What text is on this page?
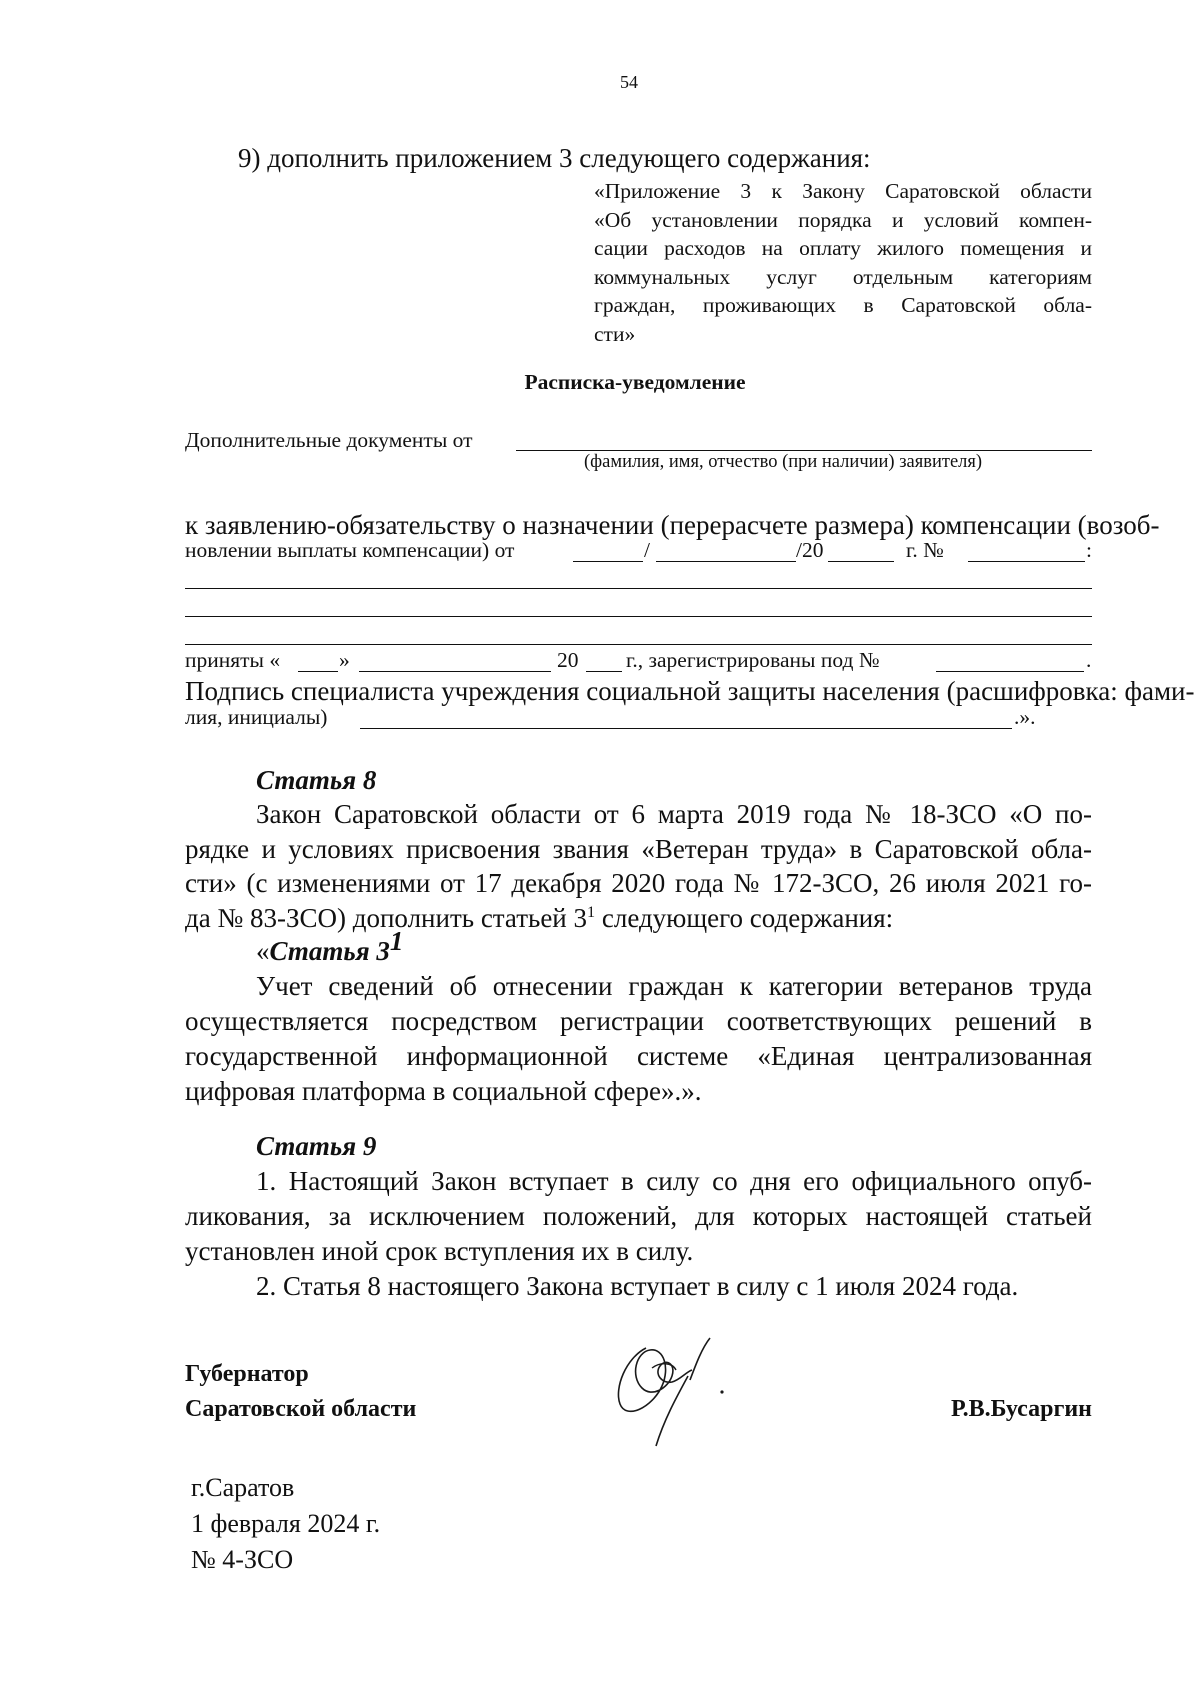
54
9) дополнить приложением 3 следующего содержания:
«Приложение 3 к Закону Саратовской области
«Об установлении порядка и условий компен-
сации расходов на оплату жилого помещения и
коммунальных услуг отдельным категориям
граждан, проживающих в Саратовской обла-
сти»
Расписка-уведомление
Дополнительные документы от
(фамилия, имя, отчество (при наличии) заявителя)
к заявлению-обязательству о назначении (перерасчете размера) компенсации (возоб-
новлении выплаты компенсации) от	/	/20	г. №	:
приняты «	»	20 г., зарегистрированы под №	.
Подпись специалиста учреждения социальной защиты населения (расшифровка: фами-
лия, инициалы)	.».
Статья 8
Закон Саратовской области от 6 марта 2019 года № 18-ЗСО «О по-
рядке и условиях присвоения звания «Ветеран труда» в Саратовской обла-
сти» (с изменениями от 17 декабря 2020 года № 172-ЗСО, 26 июля 2021 го-
да № 83-ЗСО) дополнить статьей $3^1$ следующего содержания:
«Статья $3^1$
Учет сведений об отнесении граждан к категории ветеранов труда
осуществляется посредством регистрации соответствующих решений в
государственной информационной системе «Единая централизованная
цифровая платформа в социальной сфере».».
Статья 9
1. Настоящий Закон вступает в силу со дня его официального опуб-
ликования, за исключением положений, для которых настоящей статьей
установлен иной срок вступления их в силу.
2. Статья 8 настоящего Закона вступает в силу с 1 июля 2024 года.
Губернатор
Саратовской области	Р.В.Бусаргин
г.Саратов
1 февраля 2024 г.
№ 4-ЗСО
